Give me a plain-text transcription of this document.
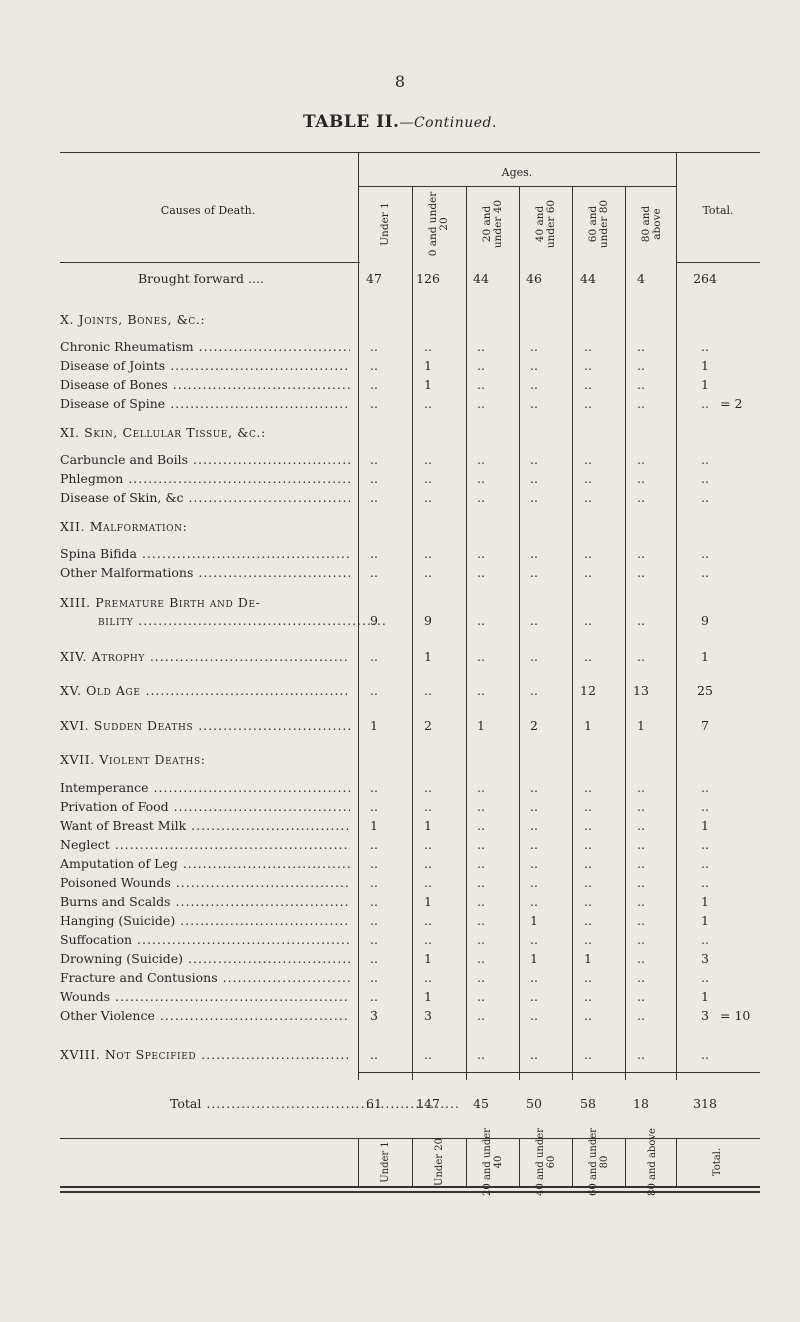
8
TABLE II.—Continued.
Causes of Death.
Ages.
Total.
Under 1	0 and under 20	20 and under 40	40 and under 60	60 and under 80	80 and above
Brought forward ....	47	126	44	46	44	4	264
X. Joints, Bones, &c.:
Chronic Rheumatism .....	..	..	..	..	..	..	..
Disease of Joints .....	..	1	..	..	..	..	1
Disease of Bones .....	..	1	..	..	..	..	1
Disease of Spine .....	..	..	..	..	..	..	.. = 2
XI. Skin, Cellular Tissue, &c.:
Carbuncle and Boils .....	..	..	..	..	..	..	..
Phlegmon .....	..	..	..	..	..	..	..
Disease of Skin, &c .....	..	..	..	..	..	..	..
XII. Malformation:
Spina Bifida .....	..	..	..	..	..	..	..
Other Malformations .....	..	..	..	..	..	..	..
XIII. Premature Birth and De-
bility .....	9	9	..	..	..	..	9
XIV. Atrophy .....	..	1	..	..	..	..	1
XV. Old Age .....	..	..	..	..	12	13	25
XVI. Sudden Deaths .....	1	2	1	2	1	1	7
XVII. Violent Deaths:
Intemperance .....	..	..	..	..	..	..	..
Privation of Food .....	..	..	..	..	..	..	..
Want of Breast Milk .....	1	1	..	..	..	..	1
Neglect .....	..	..	..	..	..	..	..
Amputation of Leg .....	..	..	..	..	..	..	..
Poisoned Wounds .....	..	..	..	..	..	..	..
Burns and Scalds .....	..	1	..	..	..	..	1
Hanging (Suicide) .....	..	..	..	1	..	..	1
Suffocation .....	..	..	..	..	..	..	..
Drowning (Suicide) .....	..	1	..	1	1	..	3
Fracture and Contusions .....	..	..	..	..	..	..	..
Wounds .....	..	1	..	..	..	..	1
Other Violence .....	3	3	..	..	..	..	3 = 10
XVIII. Not Specified .....	..	..	..	..	..	..	..
Total .....	61	147	45	50	58	18	318
Under 1	Under 20	20 and under 40	40 and under 60	60 and under 80	80 and above	Total.
